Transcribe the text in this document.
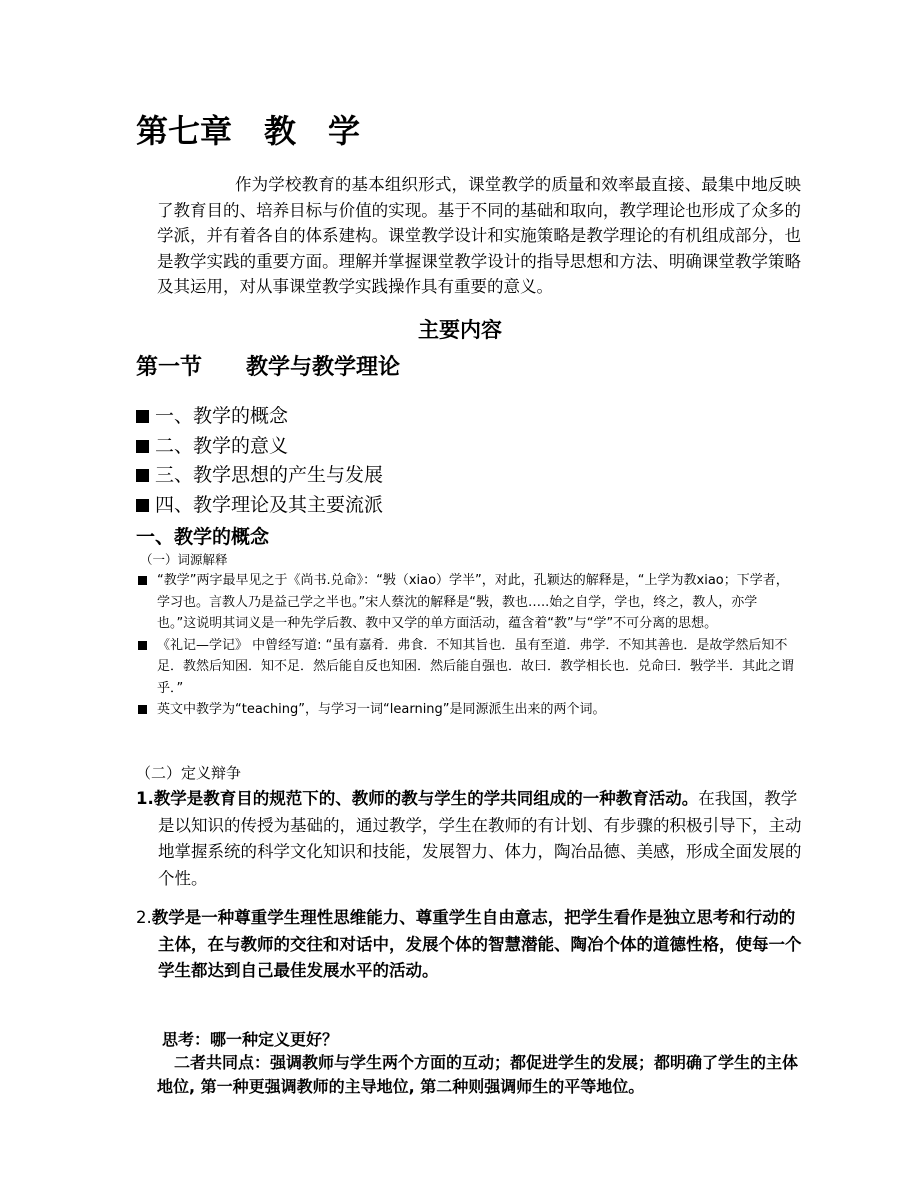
第七章　教　学

作为学校教育的基本组织形式，课堂教学的质量和效率最直接、最集中地反映了教育目的、培养目标与价值的实现。基于不同的基础和取向，教学理论也形成了众多的学派，并有着各自的体系建构。课堂教学设计和实施策略是教学理论的有机组成部分，也是教学实践的重要方面。理解并掌握课堂教学设计的指导思想和方法、明确课堂教学策略及其运用，对从事课堂教学实践操作具有重要的意义。

主要内容
第一节　　教学与教学理论
一、教学的概念
二、教学的意义
三、教学思想的产生与发展
四、教学理论及其主要流派
一、教学的概念

（一）词源解释

“教学”两字最早见之于《尚书.兑命》：“斅（xiao）学半”，对此，孔颖达的解释是，“上学为教xiao；下学者，学习也。言教人乃是益己学之半也。”宋人蔡沈的解释是“斅，教也…..始之自学，学也，终之，教人，亦学也。”这说明其词义是一种先学后教、教中又学的单方面活动，蕴含着“教”与“学”不可分离的思想。
《礼记—学记》 中曾经写道: “虽有嘉肴．弗食．不知其旨也．虽有至道．弗学．不知其善也．是故学然后知不足．教然后知困．知不足．然后能自反也知困．然后能自强也．故曰．教学相长也．兑命曰．斅学半．其此之谓乎．”
英文中教学为“teaching”，与学习一词“learning”是同源派生出来的两个词。

（二）定义辩争

1.教学是教育目的规范下的、教师的教与学生的学共同组成的一种教育活动。在我国，教学是以知识的传授为基础的，通过教学，学生在教师的有计划、有步骤的积极引导下，主动地掌握系统的科学文化知识和技能，发展智力、体力，陶冶品德、美感，形成全面发展的个性。

2.教学是一种尊重学生理性思维能力、尊重学生自由意志，把学生看作是独立思考和行动的主体，在与教师的交往和对话中，发展个体的智慧潜能、陶冶个体的道德性格，使每一个学生都达到自己最佳发展水平的活动。

思考：哪一种定义更好？

二者共同点：强调教师与学生两个方面的互动；都促进学生的发展；都明确了学生的主体地位, 第一种更强调教师的主导地位, 第二种则强调师生的平等地位。
